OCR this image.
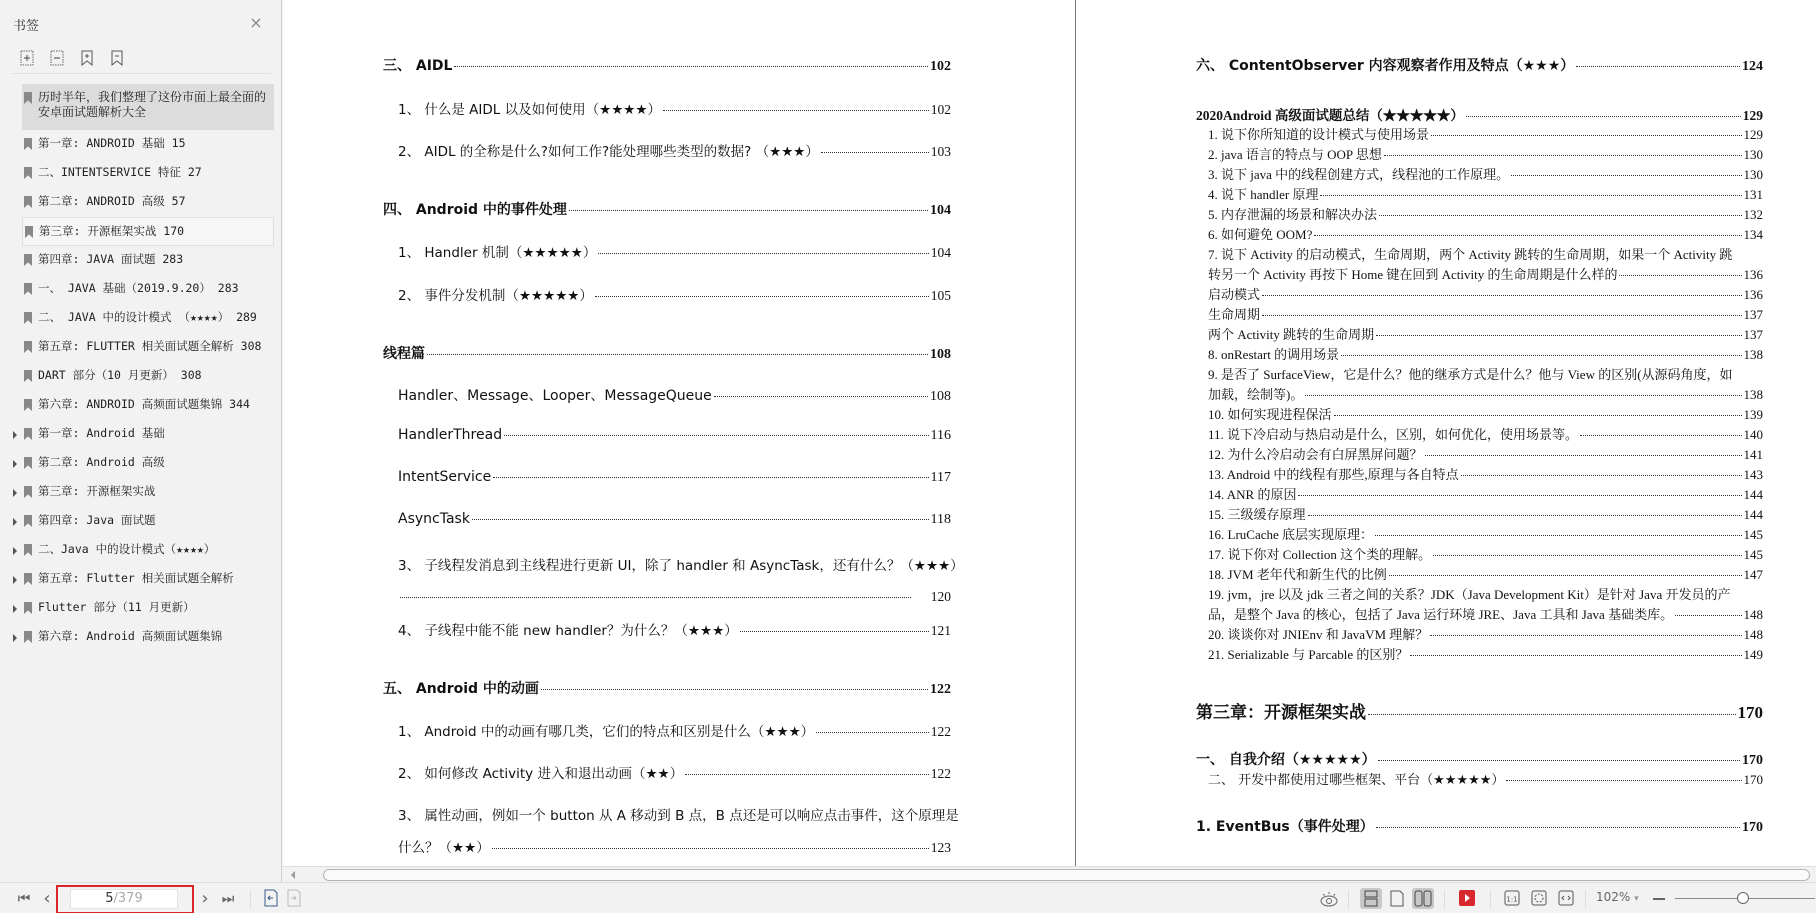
书签	×
历时半年，我们整理了这份市面上最全面的安卓面试题解析大全
第一章: ANDROID 基础 15
二、INTENTSERVICE 特征 27
第二章: ANDROID 高级 57
第三章: 开源框架实战 170
第四章: JAVA 面试题 283
一、 JAVA 基础（2019.9.20） 283
二、 JAVA 中的设计模式 （★★★★） 289
第五章: FLUTTER 相关面试题全解析 308
DART 部分（10 月更新） 308
第六章: ANDROID 高频面试题集锦 344
第一章: Android 基础
第二章: Android 高级
第三章: 开源框架实战
第四章: Java 面试题
二、Java 中的设计模式（★★★★）
第五章: Flutter 相关面试题全解析
Flutter 部分（11 月更新）
第六章: Android 高频面试题集锦
三、 AIDL	102
1、 什么是 AIDL 以及如何使用（★★★★）	102
2、 AIDL 的全称是什么?如何工作?能处理哪些类型的数据? （★★★）	103
四、 Android 中的事件处理	104
1、 Handler 机制（★★★★★）	104
2、 事件分发机制（★★★★★）	105
线程篇	108
Handler、Message、Looper、MessageQueue	108
HandlerThread	116
IntentService	117
AsyncTask	118
3、 子线程发消息到主线程进行更新 UI，除了 handler 和 AsyncTask，还有什么？（★★★）
120
4、 子线程中能不能 new handler？为什么？（★★★）	121
五、 Android 中的动画	122
1、 Android 中的动画有哪几类，它们的特点和区别是什么（★★★）	122
2、 如何修改 Activity 进入和退出动画（★★）	122
3、 属性动画，例如一个 button 从 A 移动到 B 点，B 点还是可以响应点击事件，这个原理是
什么？（★★）	123
六、 ContentObserver 内容观察者作用及特点（★★★）	124
2020Android 高级面试题总结（★★★★★）	129
1. 说下你所知道的设计模式与使用场景	129
2. java 语言的特点与 OOP 思想	130
3. 说下 java 中的线程创建方式，线程池的工作原理。	130
4. 说下 handler 原理	131
5. 内存泄漏的场景和解决办法	132
6. 如何避免 OOM?	134
7. 说下 Activity 的启动模式，生命周期，两个 Activity 跳转的生命周期，如果一个 Activity 跳
转另一个 Activity 再按下 Home 键在回到 Activity 的生命周期是什么样的	136
启动模式	136
生命周期	137
两个 Activity 跳转的生命周期	137
8. onRestart 的调用场景	138
9. 是否了 SurfaceView，它是什么？他的继承方式是什么？他与 View 的区别(从源码角度，如
加载，绘制等)。	138
10. 如何实现进程保活	139
11. 说下冷启动与热启动是什么，区别，如何优化，使用场景等。	140
12. 为什么冷启动会有白屏黑屏问题？	141
13. Android 中的线程有那些,原理与各自特点	143
14. ANR 的原因	144
15. 三级缓存原理	144
16. LruCache 底层实现原理：	145
17. 说下你对 Collection 这个类的理解。	145
18. JVM 老年代和新生代的比例	147
19. jvm，jre 以及 jdk 三者之间的关系？JDK（Java Development Kit）是针对 Java 开发员的产
品，是整个 Java 的核心，包括了 Java 运行环境 JRE、Java 工具和 Java 基础类库。	148
20. 谈谈你对 JNIEnv 和 JavaVM 理解？	148
21. Serializable 与 Parcable 的区别？	149
第三章：开源框架实战	170
一、 自我介绍（★★★★★）	170
二、 开发中都使用过哪些框架、平台（★★★★★）	170
1. EventBus（事件处理）	170
⏮ ‹	5/379	› ⏭	1:1	102% ▾
